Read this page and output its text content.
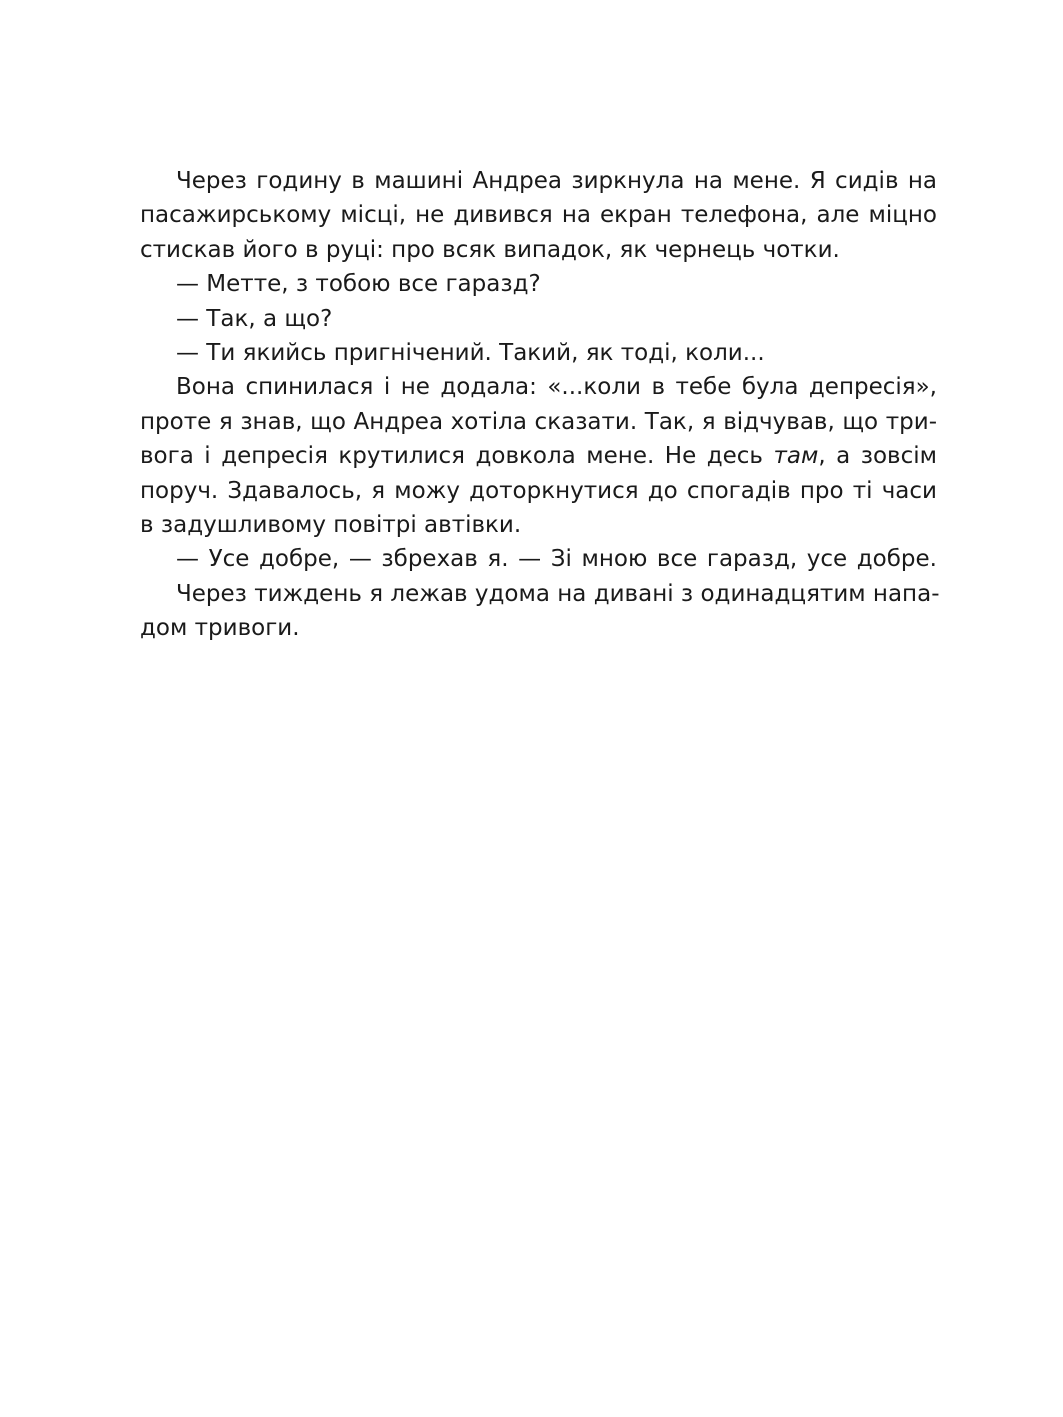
Через годину в машині Андреа зиркнула на мене. Я сидів на
пасажирському місці, не дивився на екран телефона, але міцно
стискав його в руці: про всяк випадок, як чернець чотки.
— Метте, з тобою все гаразд?
— Так, а що?
— Ти якийсь пригнічений. Такий, як тоді, коли...
Вона спинилася і не додала: «...коли в тебе була депресія»,
проте я знав, що Андреа хотіла сказати. Так, я відчував, що три-
вога і депресія крутилися довкола мене. Не десь там, а зовсім
поруч. Здавалось, я можу доторкнутися до спогадів про ті часи
в задушливому повітрі автівки.
— Усе добре, — збрехав я. — Зі мною все гаразд, усе добре.
Через тиждень я лежав удома на дивані з одинадцятим напа-
дом тривоги.
